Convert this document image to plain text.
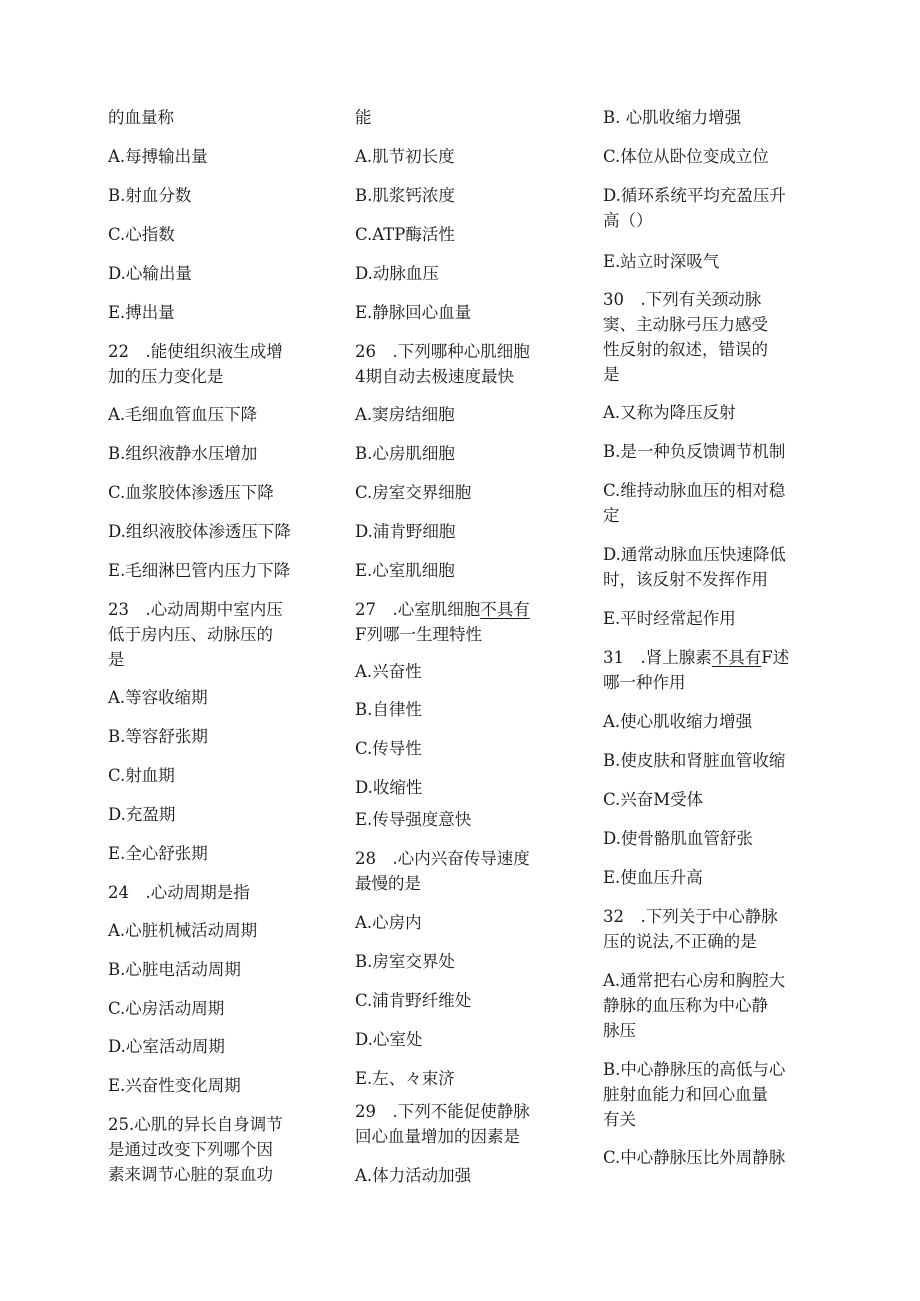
的血量称
A.每搏输出量
B.射血分数
C.心指数
D.心输出量
E.搏出量
22　.能使组织液生成增
加的压力变化是
A.毛细血管血压下降
B.组织液静水压增加
C.血浆胶体渗透压下降
D.组织液胶体渗透压下降
E.毛细淋巴管内压力下降
23　.心动周期中室内压
低于房内压、动脉压的
是
A.等容收缩期
B.等容舒张期
C.射血期
D.充盈期
E.全心舒张期
24　.心动周期是指
A.心脏机械活动周期
B.心脏电活动周期
C.心房活动周期
D.心室活动周期
E.兴奋性变化周期
25.心肌的异长自身调节
是通过改变下列哪个因
素来调节心脏的泵血功
能
A.肌节初长度
B.肌浆钙浓度
C.ATP酶活性
D.动脉血压
E.静脉回心血量
26　.下列哪种心肌细胞
4期自动去极速度最快
A.窦房结细胞
B.心房肌细胞
C.房室交界细胞
D.浦肯野细胞
E.心室肌细胞
27　.心室肌细胞不具有
F列哪一生理特性
A.兴奋性
B.自律性
C.传导性
D.收缩性
E.传导强度意快
28　.心内兴奋传导速度
最慢的是
A.心房内
B.房室交界处
C.浦肯野纤维处
D.心室处
E.左、々束济
29　.下列不能促使静脉
回心血量增加的因素是
A.体力活动加强
B. 心肌收缩力增强
C.体位从卧位变成立位
D.循环系统平均充盈压升
高（）
E.站立时深吸气
30　.下列有关颈动脉
窦、主动脉弓压力感受
性反射的叙述，错误的
是
A.又称为降压反射
B.是一种负反馈调节机制
C.维持动脉血压的相对稳
定
D.通常动脉血压快速降低
时，该反射不发挥作用
E.平时经常起作用
31　.肾上腺素不具有F述
哪一种作用
A.使心肌收缩力增强
B.使皮肤和肾脏血管收缩
C.兴奋M受体
D.使骨骼肌血管舒张
E.使血压升高
32　.下列关于中心静脉
压的说法,不正确的是
A.通常把右心房和胸腔大
静脉的血压称为中心静
脉压
B.中心静脉压的高低与心
脏射血能力和回心血量
有关
C.中心静脉压比外周静脉
